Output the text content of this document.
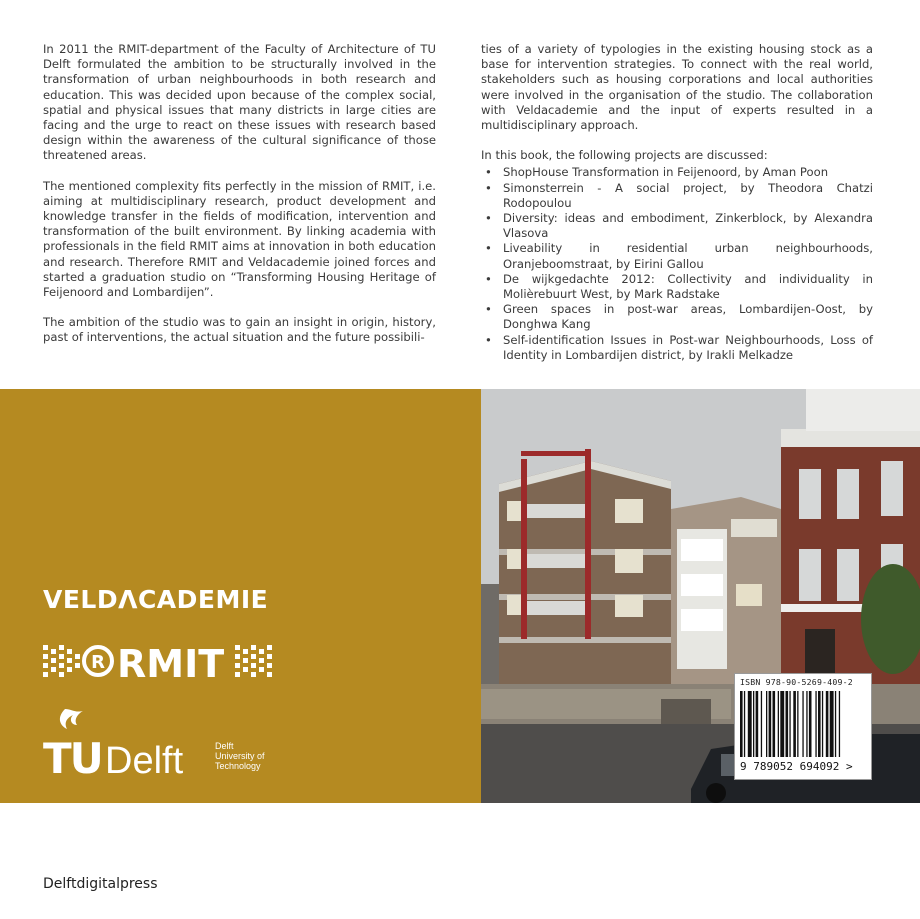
In 2011 the RMIT-department of the Faculty of Architecture of TU Delft formulated the ambition to be structurally involved in the transformation of urban neighbourhoods in both research and education. This was decided upon because of the complex social, spatial and physical issues that many districts in large cities are facing and the urge to react on these issues with research based design within the awareness of the cultural significance of those threatened areas.

The mentioned complexity fits perfectly in the mission of RMIT, i.e. aiming at multidisciplinary research, product development and knowledge transfer in the fields of modification, intervention and transformation of the built environment. By linking academia with professionals in the field RMIT aims at innovation in both education and research. Therefore RMIT and Veldacademie joined forces and started a graduation studio on “Transforming Housing Heritage of Feijenoord and Lombardijen”.

The ambition of the studio was to gain an insight in origin, history, past of interventions, the actual situation and the future possibili-

ties of a variety of typologies in the existing housing stock as a base for intervention strategies. To connect with the real world, stakeholders such as housing corporations and local authorities were involved in the organisation of the studio. The collaboration with Veldacademie and the input of experts resulted in a multidisciplinary approach.

In this book, the following projects are discussed:

• ShopHouse Transformation in Feijenoord, by Aman Poon
• Simonsterrein - A social project, by Theodora Chatzi Rodopoulou
• Diversity: ideas and embodiment, Zinkerblock, by Alexandra Vlasova
• Liveability in residential urban neighbourhoods, Oranjeboomstraat, by Eirini Gallou
• De wijkgedachte 2012: Collectivity and individuality in Molièrebuurt West, by Mark Radstake
• Green spaces in post-war areas, Lombardijen-Oost, by Donghwa Kang
• Self-identification Issues in Post-war Neighbourhoods, Loss of Identity in Lombardijen district, by Irakli Melkadze
VELDΛCADEMIE
R RMIT
TU Delft	Delft
University of
Technology
ISBN 978-90-5269-409-2
9 789052 694092 >
Delftdigitalpress
